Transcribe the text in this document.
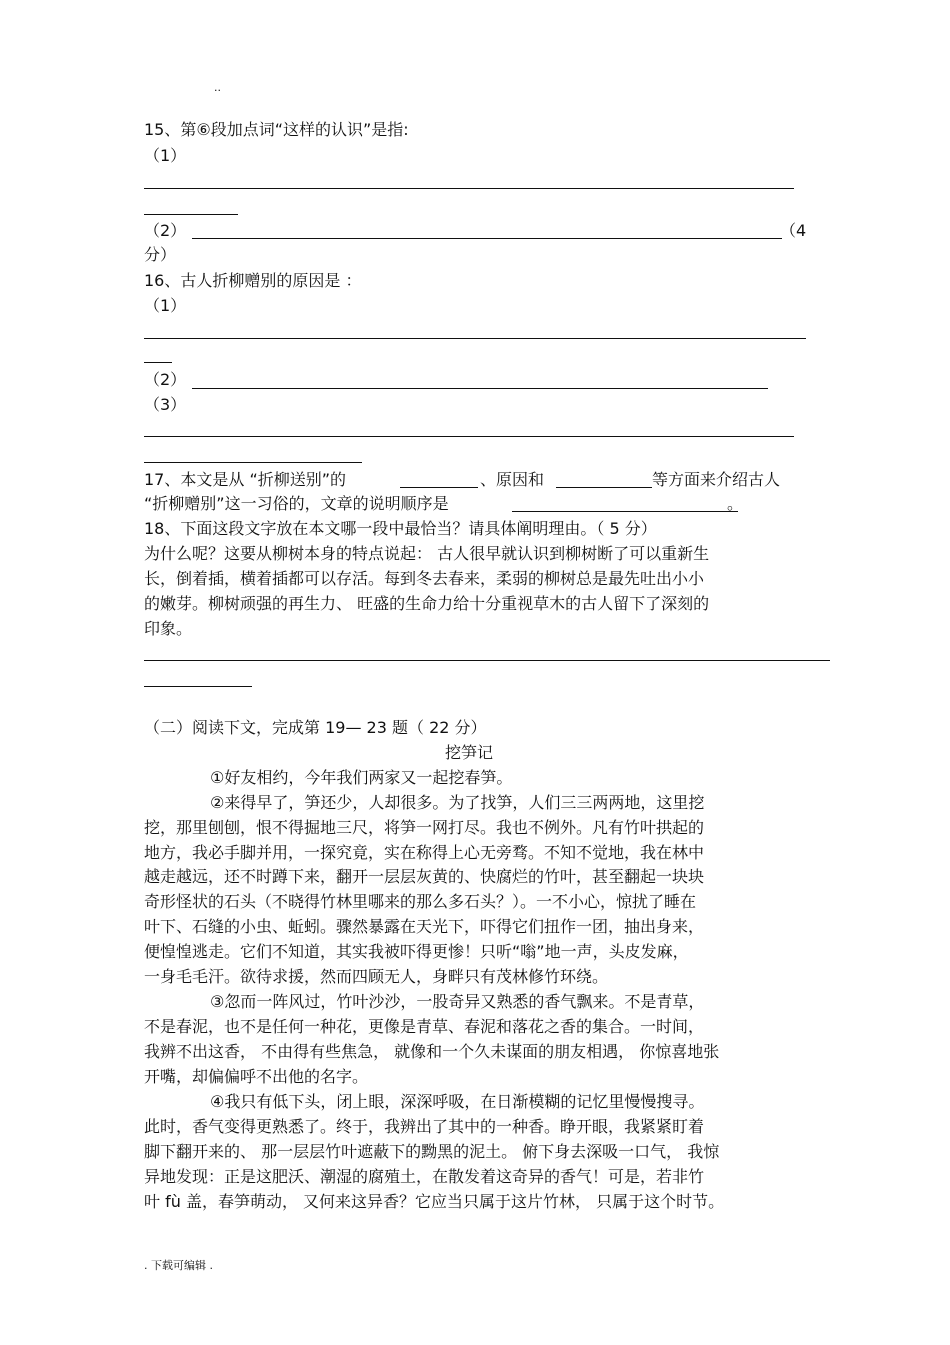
..
15、第⑥段加点词“这样的认识”是指:
（1）
（2）	（4
分）
16、古人折柳赠别的原因是 ：
（1）
（2）
（3）
17、本文是从 “折柳送别”的	、原因和	等方面来介绍古人
“折柳赠别”这一习俗的，文章的说明顺序是	。
18、下面这段文字放在本文哪一段中最恰当？请具体阐明理由。（ 5 分）
为什么呢？这要从柳树本身的特点说起： 古人很早就认识到柳树断了可以重新生
长，倒着插，横着插都可以存活。每到冬去春来，柔弱的柳树总是最先吐出小小
的嫩芽。柳树顽强的再生力、 旺盛的生命力给十分重视草木的古人留下了深刻的
印象。
（二）阅读下文，完成第 19— 23 题（ 22 分）
挖笋记
①好友相约，今年我们两家又一起挖春笋。
②来得早了，笋还少，人却很多。为了找笋，人们三三两两地，这里挖
挖，那里刨刨，恨不得掘地三尺，将笋一网打尽。我也不例外。凡有竹叶拱起的
地方，我必手脚并用，一探究竟，实在称得上心无旁骛。不知不觉地，我在林中
越走越远，还不时蹲下来，翻开一层层灰黄的、快腐烂的竹叶，甚至翻起一块块
奇形怪状的石头（不晓得竹林里哪来的那么多石头？）。一不小心，惊扰了睡在
叶下、石缝的小虫、蚯蚓。骤然暴露在天光下，吓得它们扭作一团，抽出身来，
便惶惶逃走。它们不知道，其实我被吓得更惨！只听“嗡”地一声，头皮发麻，
一身毛毛汗。欲待求援，然而四顾无人，身畔只有茂林修竹环绕。
③忽而一阵风过，竹叶沙沙，一股奇异又熟悉的香气飘来。不是青草，
不是春泥，也不是任何一种花，更像是青草、春泥和落花之香的集合。一时间，
我辨不出这香， 不由得有些焦急， 就像和一个久未谋面的朋友相遇， 你惊喜地张
开嘴，却偏偏呼不出他的名字。
④我只有低下头，闭上眼，深深呼吸，在日渐模糊的记忆里慢慢搜寻。
此时，香气变得更熟悉了。终于，我辨出了其中的一种香。睁开眼，我紧紧盯着
脚下翻开来的、 那一层层竹叶遮蔽下的黝黑的泥土。 俯下身去深吸一口气， 我惊
异地发现：正是这肥沃、潮湿的腐殖土，在散发着这奇异的香气！可是，若非竹
叶 fù 盖，春笋萌动， 又何来这异香？它应当只属于这片竹林， 只属于这个时节。
. 下载可编辑 .
